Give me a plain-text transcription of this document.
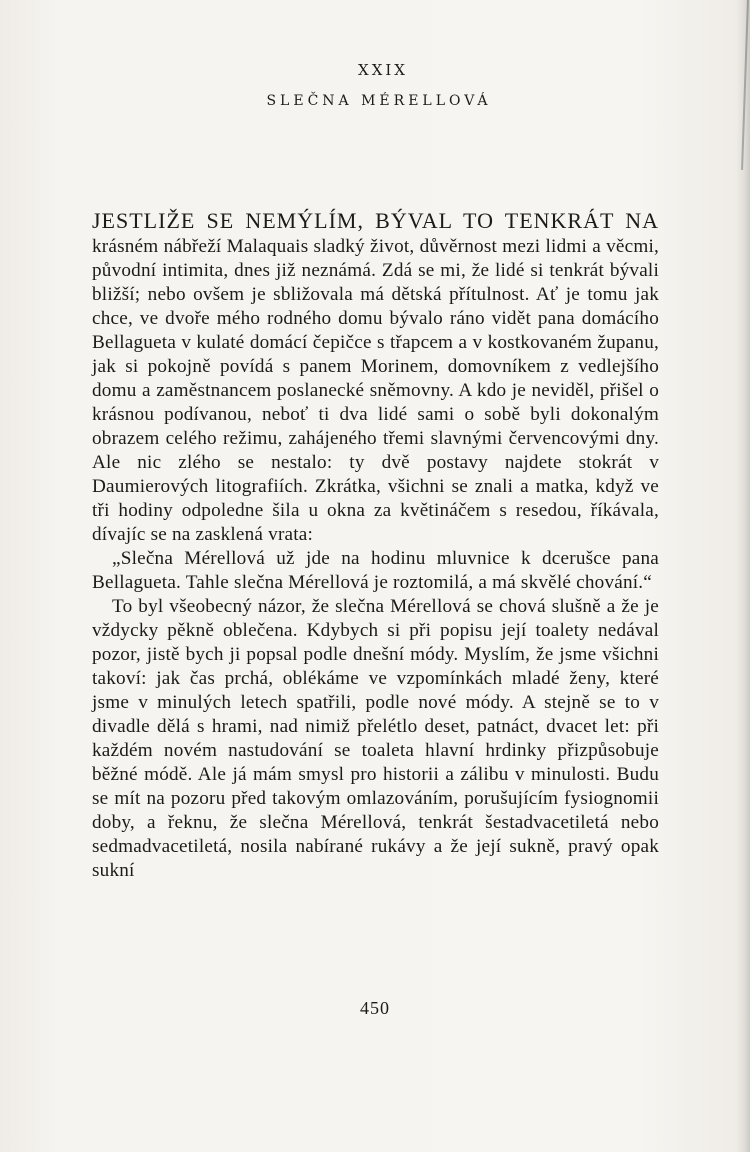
XXIX
SLEČNA MÉRELLOVÁ

JESTLIŽE SE NEMÝLÍM, BÝVAL TO TENKRÁT NA krásném nábřeží Malaquais sladký život, důvěrnost mezi lidmi a věcmi, původní intimita, dnes již neznámá. Zdá se mi, že lidé si tenkrát bývali bližší; nebo ovšem je sbližovala má dětská přítulnost. Ať je tomu jak chce, ve dvoře mého rodného domu bývalo ráno vidět pana domácího Bellagueta v kulaté domácí čepičce s třapcem a v kostkovaném županu, jak si pokojně povídá s panem Morinem, domovníkem z vedlejšího domu a zaměstnancem poslanecké sněmovny. A kdo je neviděl, přišel o krásnou podívanou, neboť ti dva lidé sami o sobě byli dokonalým obrazem celého režimu, zahájeného třemi slavnými červencovými dny. Ale nic zlého se nestalo: ty dvě postavy najdete stokrát v Daumierových litografiích. Zkrátka, všichni se znali a matka, když ve tři hodiny odpoledne šila u okna za květináčem s resedou, říkávala, dívajíc se na zasklená vrata:

„Slečna Mérellová už jde na hodinu mluvnice k dcerušce pana Bellagueta. Tahle slečna Mérellová je roztomilá, a má skvělé chování.“

To byl všeobecný názor, že slečna Mérellová se chová slušně a že je vždycky pěkně oblečena. Kdybych si při popisu její toalety nedával pozor, jistě bych ji popsal podle dnešní módy. Myslím, že jsme všichni takoví: jak čas prchá, oblékáme ve vzpomínkách mladé ženy, které jsme v minulých letech spatřili, podle nové módy. A stejně se to v divadle dělá s hrami, nad nimiž přelétlo deset, patnáct, dvacet let: při každém novém nastudování se toaleta hlavní hrdinky přizpůsobuje běžné módě. Ale já mám smysl pro historii a zálibu v minulosti. Budu se mít na pozoru před takovým omlazováním, porušujícím fysiognomii doby, a řeknu, že slečna Mérellová, tenkrát šestadvacetiletá nebo sedmadvacetiletá, nosila nabírané rukávy a že její sukně, pravý opak sukní

450
